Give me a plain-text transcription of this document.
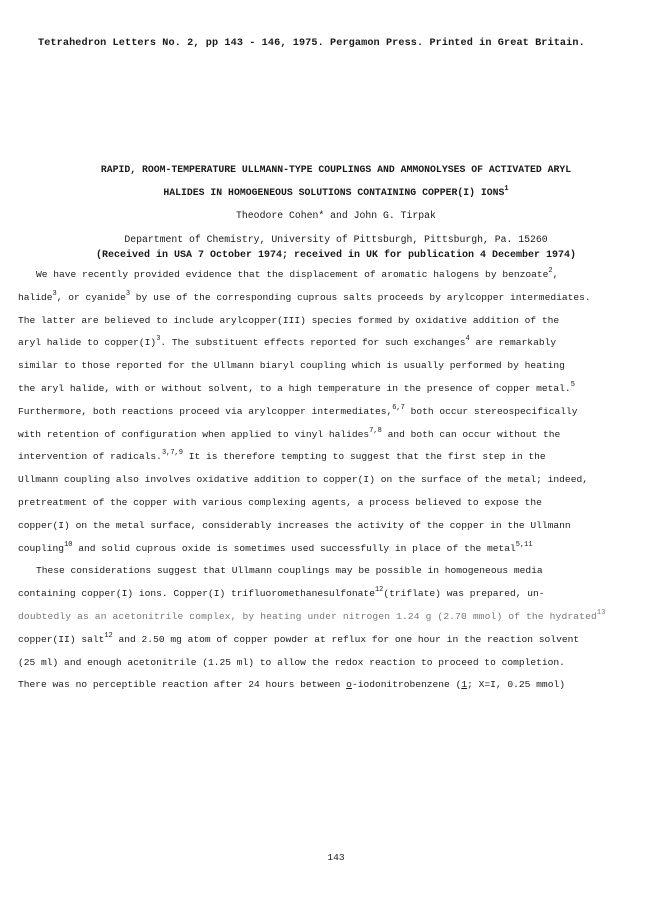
Tetrahedron Letters No. 2, pp 143 - 146, 1975. Pergamon Press. Printed in Great Britain.
RAPID, ROOM-TEMPERATURE ULLMANN-TYPE COUPLINGS AND AMMONOLYSES OF ACTIVATED ARYL
HALIDES IN HOMOGENEOUS SOLUTIONS CONTAINING COPPER(I) IONS$^1$
Theodore Cohen* and John G. Tirpak
Department of Chemistry, University of Pittsburgh, Pittsburgh, Pa. 15260
(Received in USA 7 October 1974; received in UK for publication 4 December 1974)

We have recently provided evidence that the displacement of aromatic halogens by benzoate$^2$,

halide$^3$, or cyanide$^3$ by use of the corresponding cuprous salts proceeds by arylcopper intermediates.

The latter are believed to include arylcopper(III) species formed by oxidative addition of the

aryl halide to $copper(I)^3$. The substituent effects reported for such exchanges$^4$ are remarkably

similar to those reported for the Ullmann biaryl coupling which is usually performed by heating

the aryl halide, with or without solvent, to a high temperature in the presence of copper metal.$^5$

Furthermore, both reactions proceed via arylcopper intermediates,$^{6,7}$ both occur stereospecifically

with retention of configuration when applied to vinyl halides$^{7,8}$ and both can occur without the

intervention of radicals.$^{3,7,9}$ It is therefore tempting to suggest that the first step in the

Ullmann coupling also involves oxidative addition to copper(I) on the surface of the metal; indeed,

pretreatment of the copper with various complexing agents, a process believed to expose the

copper(I) on the metal surface, considerably increases the activity of the copper in the Ullmann

coupling$^{10}$ and solid cuprous oxide is sometimes used successfully in place of the metal$^{5,11}$

These considerations suggest that Ullmann couplings may be possible in homogeneous media

containing copper(I) ions. Copper(I) trifluoromethanesulfonate$^{12}$(triflate) was prepared, un-

doubtedly as an acetonitrile complex, by heating under nitrogen 1.24 g (2.70 mmol) of the hydrated$^{13}$

copper(II) salt$^{12}$ and 2.50 mg atom of copper powder at reflux for one hour in the reaction solvent

(25 ml) and enough acetonitrile (1.25 ml) to allow the redox reaction to proceed to completion.

There was no perceptible reaction after 24 hours between o-iodonitrobenzene (1; X=I, 0.25 mmol)

143
